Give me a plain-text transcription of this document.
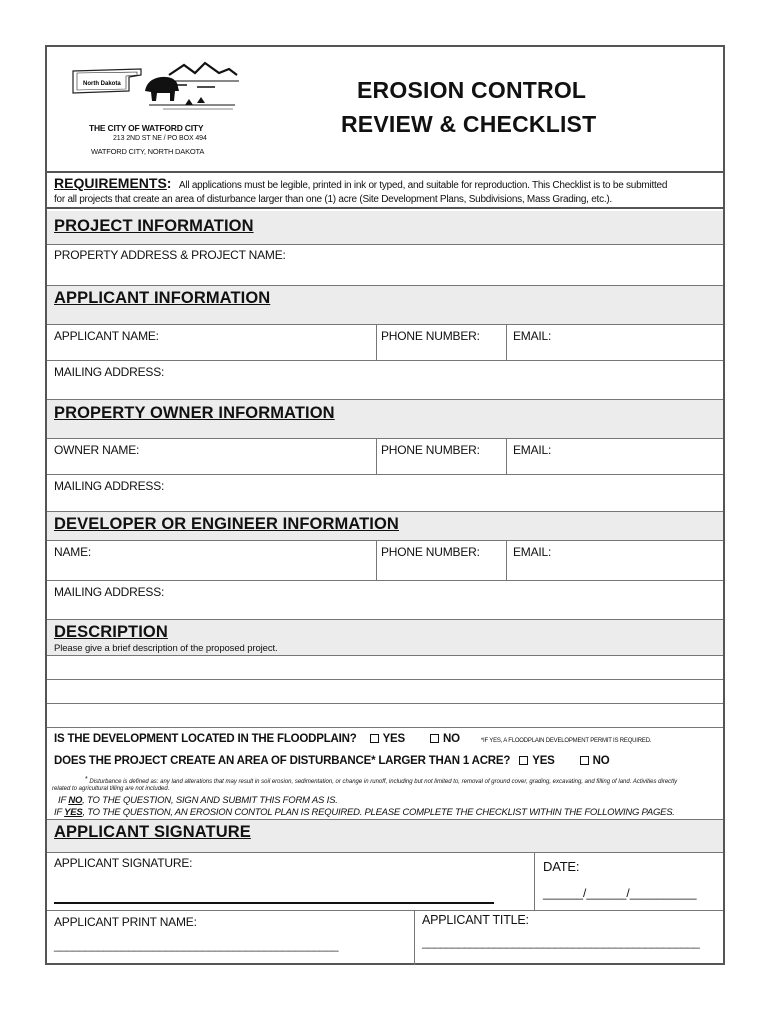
North Dakota
THE CITY OF WATFORD CITY
213 2ND ST NE / PO BOX 494
WATFORD CITY, NORTH DAKOTA
EROSION CONTROL
REVIEW & CHECKLIST
REQUIREMENTS: All applications must be legible, printed in ink or typed, and suitable for reproduction. This Checklist is to be submitted
for all projects that create an area of disturbance larger than one (1) acre (Site Development Plans, Subdivisions, Mass Grading, etc.).
PROJECT INFORMATION
PROPERTY ADDRESS & PROJECT NAME:
APPLICANT INFORMATION
APPLICANT NAME:	PHONE NUMBER:	EMAIL:
MAILING ADDRESS:
PROPERTY OWNER INFORMATION
OWNER NAME:	PHONE NUMBER:	EMAIL:
MAILING ADDRESS:
DEVELOPER OR ENGINEER INFORMATION
NAME:	PHONE NUMBER:	EMAIL:
MAILING ADDRESS:
DESCRIPTION
Please give a brief description of the proposed project.
IS THE DEVELOPMENT LOCATED IN THE FLOODPLAIN? YES	NO	*IF YES, A FLOODPLAIN DEVELOPMENT PERMIT IS REQUIRED.
DOES THE PROJECT CREATE AN AREA OF DISTURBANCE* LARGER THAN 1 ACRE? YES	NO
* Disturbance is defined as: any land alterations that may result in soil erosion, sedimentation, or change in runoff, including but not limited to, removal of ground cover, grading, excavating, and filling of land. Activities directly
related to agricultural tilling are not included.
IF NO, TO THE QUESTION, SIGN AND SUBMIT THIS FORM AS IS.
IF YES, TO THE QUESTION, AN EROSION CONTOL PLAN IS REQUIRED. PLEASE COMPLETE THE CHECKLIST WITHIN THE FOLLOWING PAGES.
APPLICANT SIGNATURE
APPLICANT SIGNATURE:	DATE:
______/______/__________
APPLICANT PRINT NAME:
______________________________________________
APPLICANT TITLE:
______________________________________________
